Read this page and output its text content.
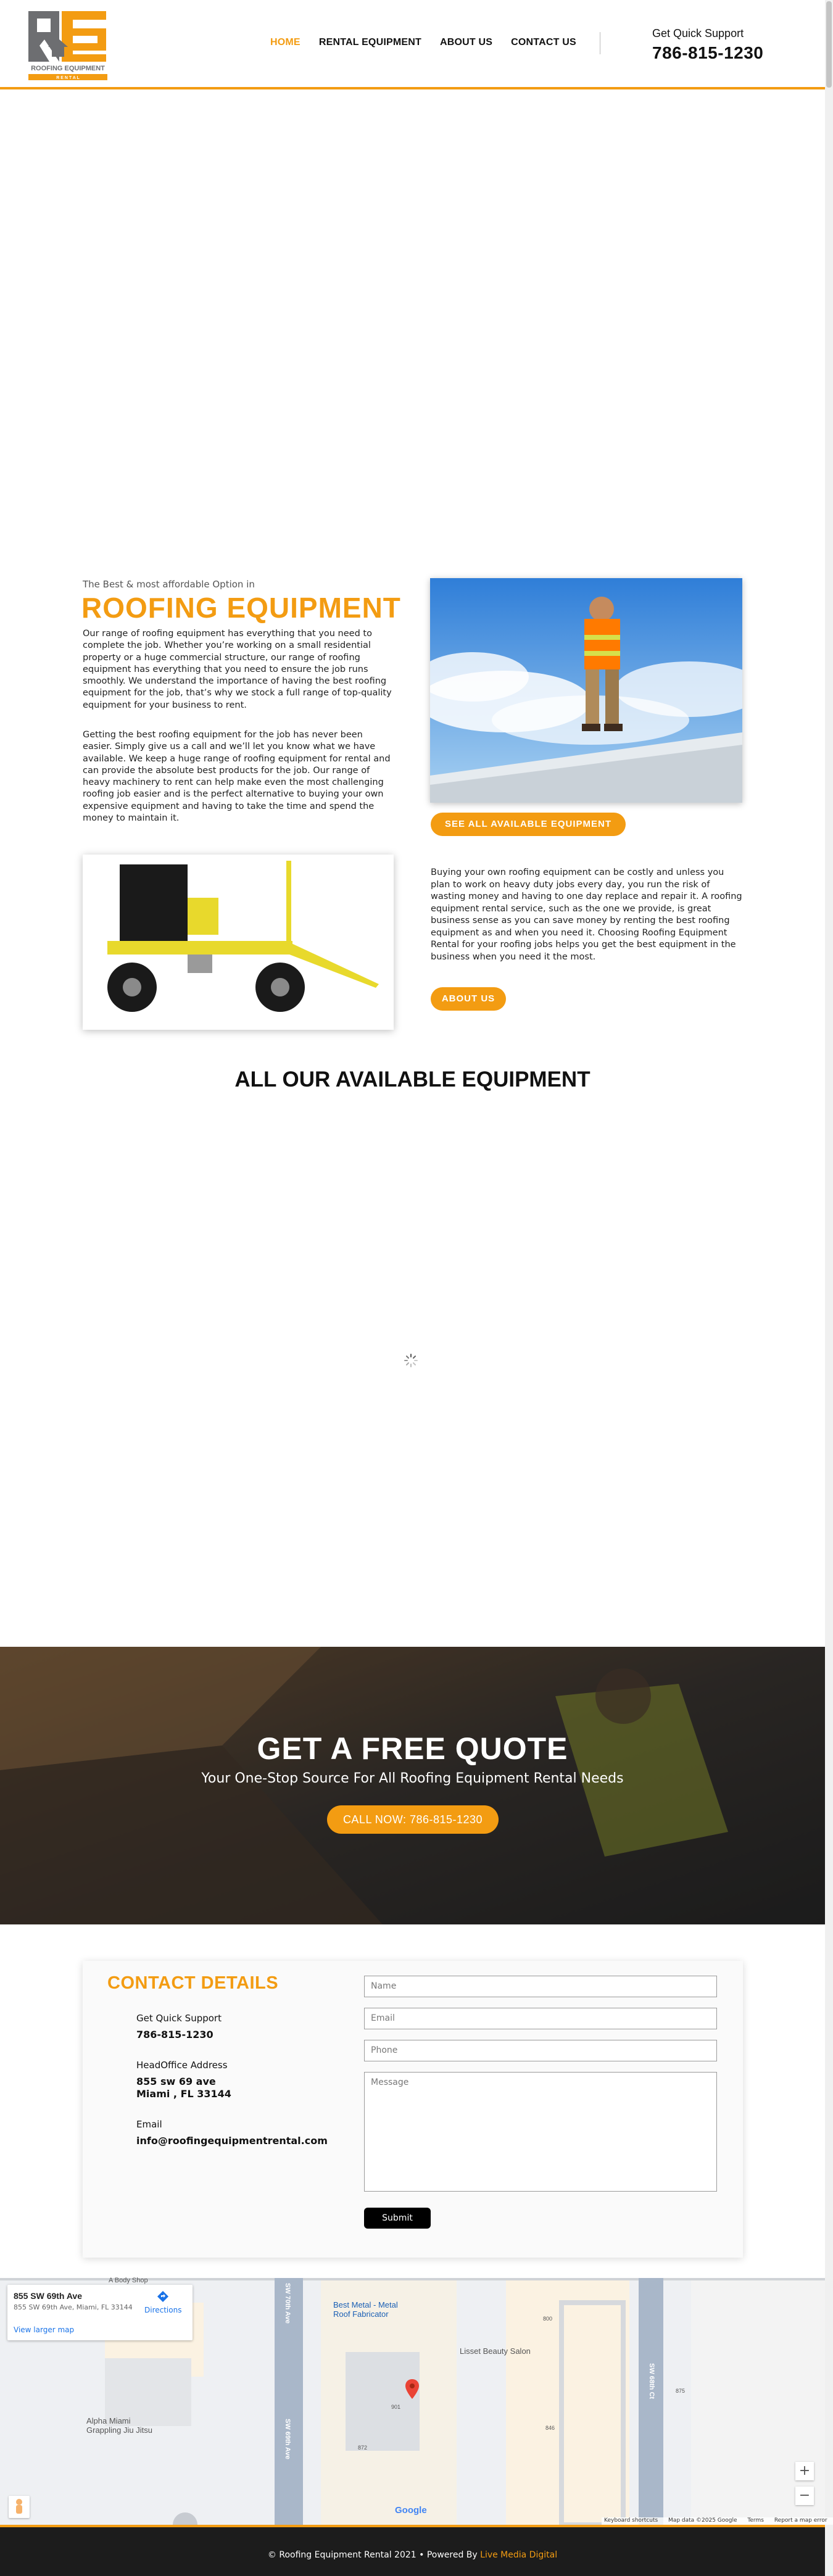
ROOFING EQUIPMENT
R E N T A L
HOME RENTAL EQUIPMENT ABOUT US CONTACT US
Get Quick Support
786-815-1230
The Best & most affordable Option in
ROOFING EQUIPMENT

Our range of roofing equipment has everything that you need to complete the job. Whether you’re working on a small residential property or a huge commercial structure, our range of roofing equipment has everything that you need to ensure the job runs smoothly. We understand the importance of having the best roofing equipment for the job, that’s why we stock a full range of top-quality equipment for your business to rent.

Getting the best roofing equipment for the job has never been easier. Simply give us a call and we’ll let you know what we have available. We keep a huge range of roofing equipment for rental and can provide the absolute best products for the job. Our range of heavy machinery to rent can help make even the most challenging roofing job easier and is the perfect alternative to buying your own expensive equipment and having to take the time and spend the money to maintain it.

SEE ALL AVAILABLE EQUIPMENT

Buying your own roofing equipment can be costly and unless you plan to work on heavy duty jobs every day, you run the risk of wasting money and having to one day replace and repair it. A roofing equipment rental service, such as the one we provide, is great business sense as you can save money by renting the best roofing equipment as and when you need it. Choosing Roofing Equipment Rental for your roofing jobs helps you get the best equipment in the business when you need it the most.

ABOUT US
ALL OUR AVAILABLE EQUIPMENT
GET A FREE QUOTE
Your One-Stop Source For All Roofing Equipment Rental Needs
CALL NOW: 786-815-1230
CONTACT DETAILS
Get Quick Support
786-815-1230
HeadOffice Address
855 sw 69 ave
Miami , FL 33144
Email
info@roofingequipmentrental.com
Name
Email
Phone
Message
Submit
Best Metal - Metal Roof Fabricator
Lisset Beauty Salon
Alpha Miami Grappling Jiu Jitsu
A Body Shop
SW 70th Ave
SW 69th Ave
SW 68th Ct
901
875
846
872
800
855 SW 69th Ave
855 SW 69th Ave, Miami, FL 33144
View larger map
Directions
Google
+
−
Keyboard shortcuts Map data ©2025 Google Terms Report a map error
© Roofing Equipment Rental 2021 • Powered By Live Media Digital
